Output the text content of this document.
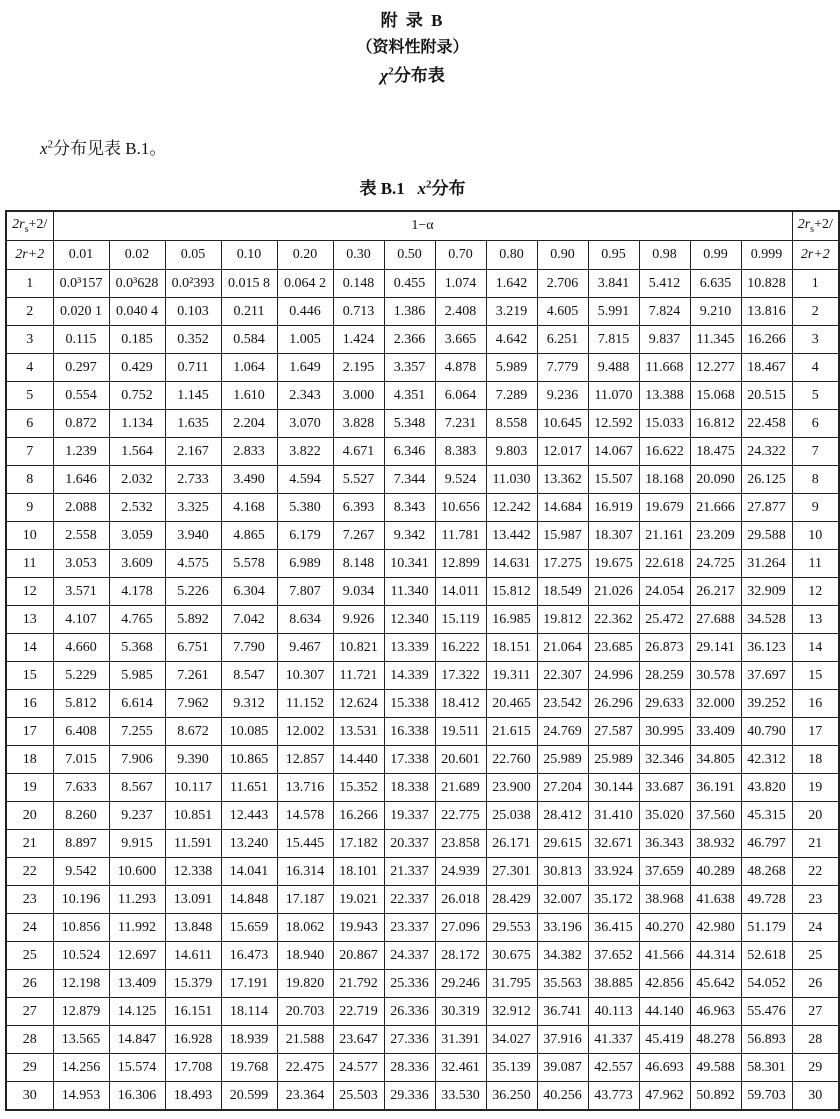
附 录 B
（资料性附录）
$\chi^2$分布表
$x^2$分布见表 B.1。
表 B.1 $x^2$分布
$2r_s+2/$	1−α														$2r_s+2/$
2r+2	0.01	0.02	0.05	0.10	0.20	0.30	0.50	0.70	0.80	0.90	0.95	0.98	0.99	0.999	2r+2
1	0.0³157	0.0³628	0.0²393	0.015 8	0.064 2	0.148	0.455	1.074	1.642	2.706	3.841	5.412	6.635	10.828	1
2	0.020 1	0.040 4	0.103	0.211	0.446	0.713	1.386	2.408	3.219	4.605	5.991	7.824	9.210	13.816	2
3	0.115	0.185	0.352	0.584	1.005	1.424	2.366	3.665	4.642	6.251	7.815	9.837	11.345	16.266	3
4	0.297	0.429	0.711	1.064	1.649	2.195	3.357	4.878	5.989	7.779	9.488	11.668	12.277	18.467	4
5	0.554	0.752	1.145	1.610	2.343	3.000	4.351	6.064	7.289	9.236	11.070	13.388	15.068	20.515	5
6	0.872	1.134	1.635	2.204	3.070	3.828	5.348	7.231	8.558	10.645	12.592	15.033	16.812	22.458	6
7	1.239	1.564	2.167	2.833	3.822	4.671	6.346	8.383	9.803	12.017	14.067	16.622	18.475	24.322	7
8	1.646	2.032	2.733	3.490	4.594	5.527	7.344	9.524	11.030	13.362	15.507	18.168	20.090	26.125	8
9	2.088	2.532	3.325	4.168	5.380	6.393	8.343	10.656	12.242	14.684	16.919	19.679	21.666	27.877	9
10	2.558	3.059	3.940	4.865	6.179	7.267	9.342	11.781	13.442	15.987	18.307	21.161	23.209	29.588	10
11	3.053	3.609	4.575	5.578	6.989	8.148	10.341	12.899	14.631	17.275	19.675	22.618	24.725	31.264	11
12	3.571	4.178	5.226	6.304	7.807	9.034	11.340	14.011	15.812	18.549	21.026	24.054	26.217	32.909	12
13	4.107	4.765	5.892	7.042	8.634	9.926	12.340	15.119	16.985	19.812	22.362	25.472	27.688	34.528	13
14	4.660	5.368	6.751	7.790	9.467	10.821	13.339	16.222	18.151	21.064	23.685	26.873	29.141	36.123	14
15	5.229	5.985	7.261	8.547	10.307	11.721	14.339	17.322	19.311	22.307	24.996	28.259	30.578	37.697	15
16	5.812	6.614	7.962	9.312	11.152	12.624	15.338	18.412	20.465	23.542	26.296	29.633	32.000	39.252	16
17	6.408	7.255	8.672	10.085	12.002	13.531	16.338	19.511	21.615	24.769	27.587	30.995	33.409	40.790	17
18	7.015	7.906	9.390	10.865	12.857	14.440	17.338	20.601	22.760	25.989	25.989	32.346	34.805	42.312	18
19	7.633	8.567	10.117	11.651	13.716	15.352	18.338	21.689	23.900	27.204	30.144	33.687	36.191	43.820	19
20	8.260	9.237	10.851	12.443	14.578	16.266	19.337	22.775	25.038	28.412	31.410	35.020	37.560	45.315	20
21	8.897	9.915	11.591	13.240	15.445	17.182	20.337	23.858	26.171	29.615	32.671	36.343	38.932	46.797	21
22	9.542	10.600	12.338	14.041	16.314	18.101	21.337	24.939	27.301	30.813	33.924	37.659	40.289	48.268	22
23	10.196	11.293	13.091	14.848	17.187	19.021	22.337	26.018	28.429	32.007	35.172	38.968	41.638	49.728	23
24	10.856	11.992	13.848	15.659	18.062	19.943	23.337	27.096	29.553	33.196	36.415	40.270	42.980	51.179	24
25	10.524	12.697	14.611	16.473	18.940	20.867	24.337	28.172	30.675	34.382	37.652	41.566	44.314	52.618	25
26	12.198	13.409	15.379	17.191	19.820	21.792	25.336	29.246	31.795	35.563	38.885	42.856	45.642	54.052	26
27	12.879	14.125	16.151	18.114	20.703	22.719	26.336	30.319	32.912	36.741	40.113	44.140	46.963	55.476	27
28	13.565	14.847	16.928	18.939	21.588	23.647	27.336	31.391	34.027	37.916	41.337	45.419	48.278	56.893	28
29	14.256	15.574	17.708	19.768	22.475	24.577	28.336	32.461	35.139	39.087	42.557	46.693	49.588	58.301	29
30	14.953	16.306	18.493	20.599	23.364	25.503	29.336	33.530	36.250	40.256	43.773	47.962	50.892	59.703	30
